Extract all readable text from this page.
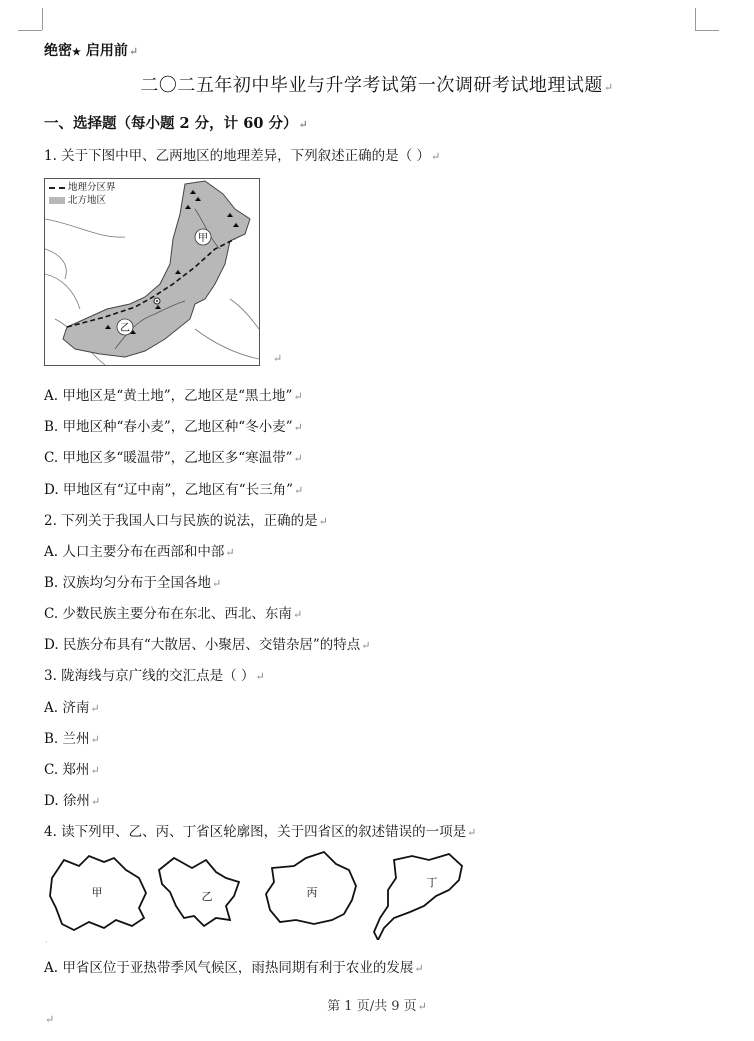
绝密★ 启用前↵
二〇二五年初中毕业与升学考试第一次调研考试地理试题↵
一、选择题（每小题 2 分，计 60 分）↵
1. 关于下图中甲、乙两地区的地理差异，下列叙述正确的是（ ）↵
甲
乙
地理分区界
北方地区
↵
A. 甲地区是“黄土地”，乙地区是“黑土地”↵
B. 甲地区种“春小麦”，乙地区种“冬小麦”↵
C. 甲地区多“暖温带”，乙地区多“寒温带”↵
D. 甲地区有“辽中南”，乙地区有“长三角”↵
2. 下列关于我国人口与民族的说法，正确的是↵
A. 人口主要分布在西部和中部↵
B. 汉族均匀分布于全国各地↵
C. 少数民族主要分布在东北、西北、东南↵
D. 民族分布具有“大散居、小聚居、交错杂居”的特点↵
3. 陇海线与京广线的交汇点是（ ）↵
A. 济南↵
B. 兰州↵
C. 郑州↵
D. 徐州↵
4. 读下列甲、乙、丙、丁省区轮廓图，关于四省区的叙述错误的一项是↵
甲	乙	丙
丁
·
A. 甲省区位于亚热带季风气候区，雨热同期有利于农业的发展↵
第 1 页/共 9 页↵
↵
